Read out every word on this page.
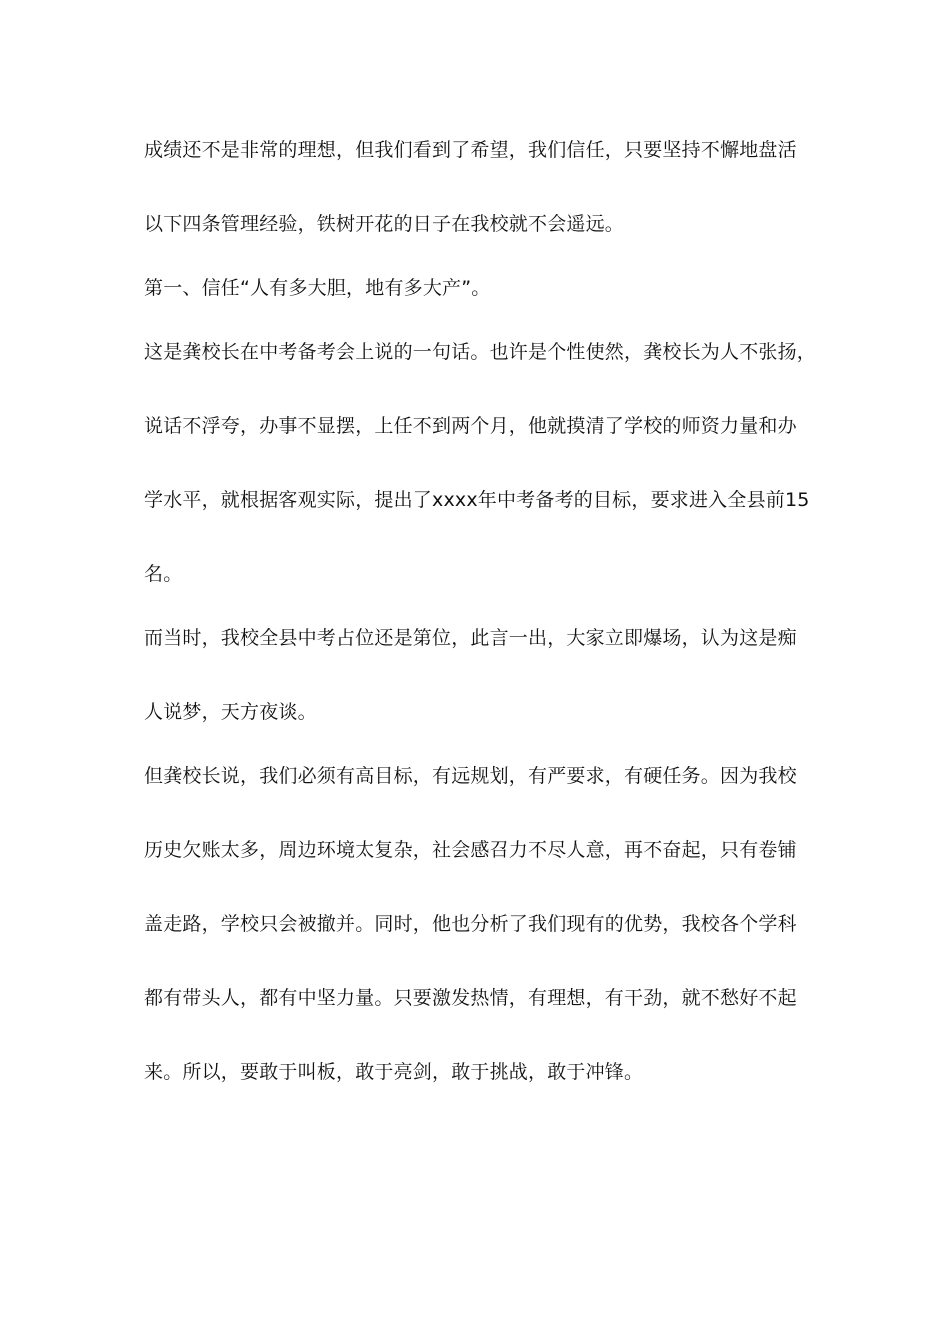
成绩还不是非常的理想，但我们看到了希望，我们信任，只要坚持不懈地盘活
以下四条管理经验，铁树开花的日子在我校就不会遥远。
第一、信任“人有多大胆，地有多大产”。
这是龚校长在中考备考会上说的一句话。也许是个性使然，龚校长为人不张扬，
说话不浮夸，办事不显摆，上任不到两个月，他就摸清了学校的师资力量和办
学水平，就根据客观实际，提出了xxxx年中考备考的目标，要求进入全县前15
名。
而当时，我校全县中考占位还是第位，此言一出，大家立即爆场，认为这是痴
人说梦，天方夜谈。
但龚校长说，我们必须有高目标，有远规划，有严要求，有硬任务。因为我校
历史欠账太多，周边环境太复杂，社会感召力不尽人意，再不奋起，只有卷铺
盖走路，学校只会被撤并。同时，他也分析了我们现有的优势，我校各个学科
都有带头人，都有中坚力量。只要激发热情，有理想，有干劲，就不愁好不起
来。所以，要敢于叫板，敢于亮剑，敢于挑战，敢于冲锋。
